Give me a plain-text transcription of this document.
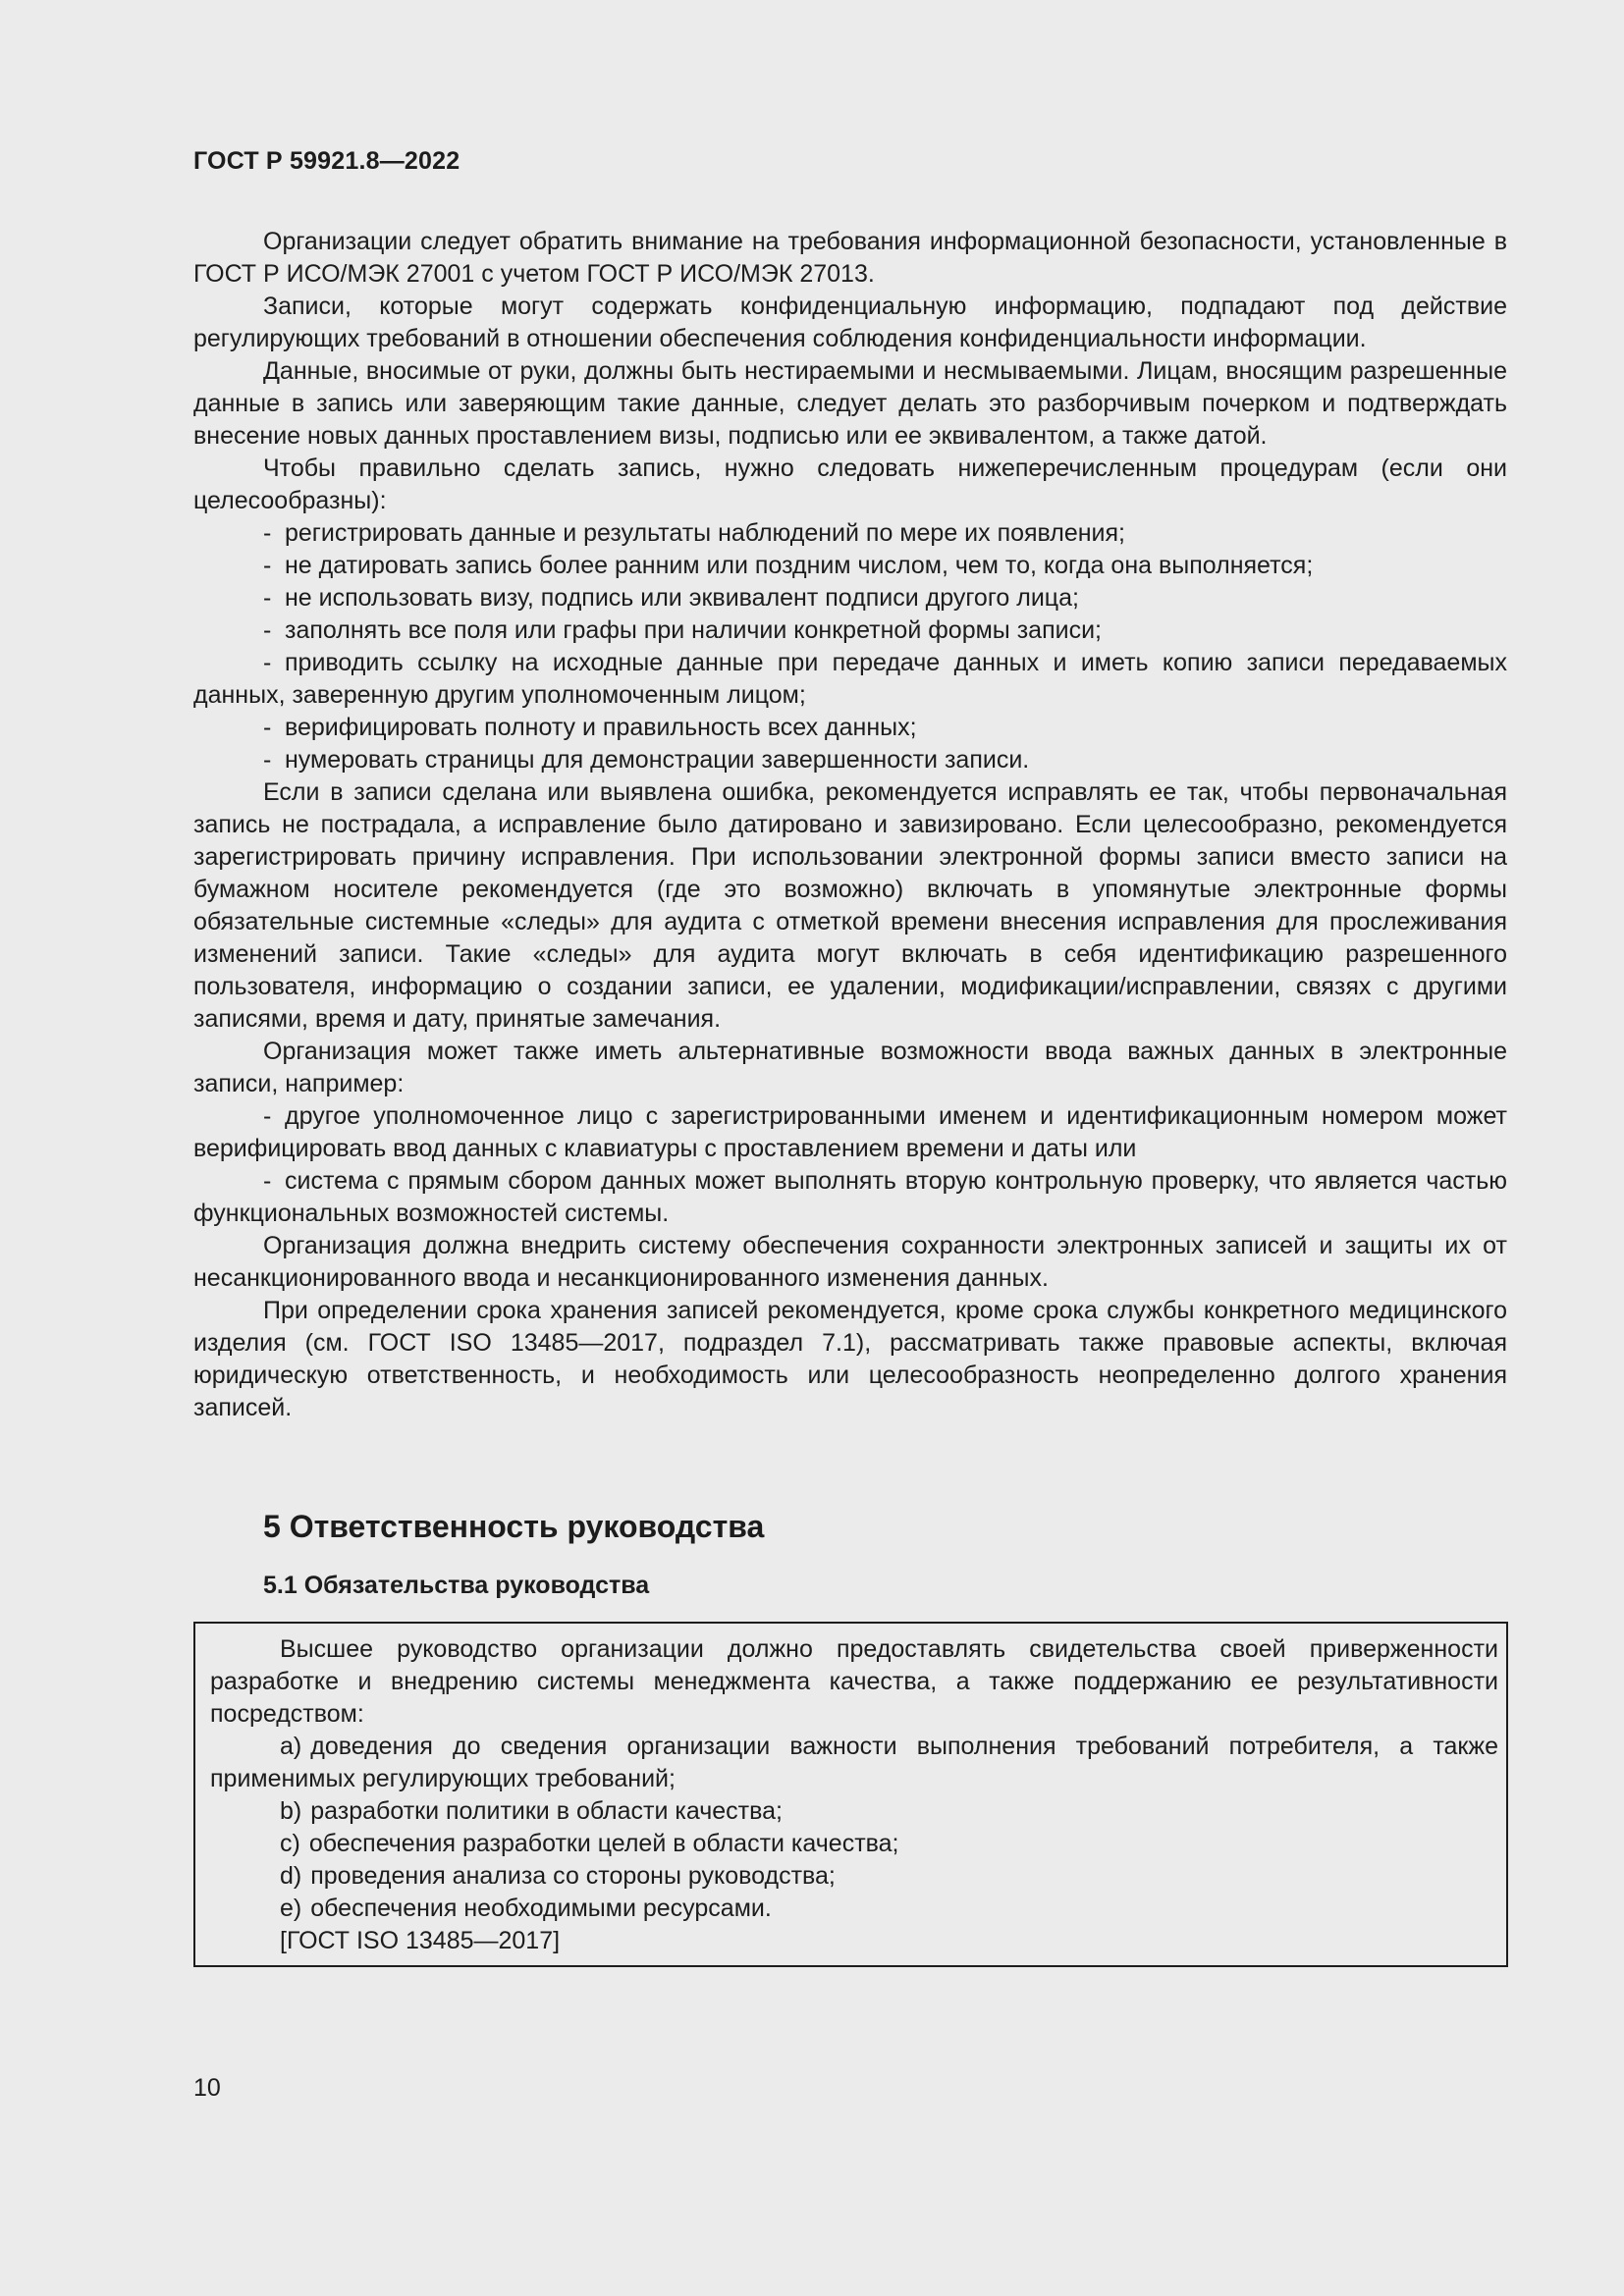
ГОСТ Р 59921.8—2022

Организации следует обратить внимание на требования информационной безопасности, установленные в ГОСТ Р ИСО/МЭК 27001 с учетом ГОСТ Р ИСО/МЭК 27013.

Записи, которые могут содержать конфиденциальную информацию, подпадают под действие регулирующих требований в отношении обеспечения соблюдения конфиденциальности информации.

Данные, вносимые от руки, должны быть нестираемыми и несмываемыми. Лицам, вносящим разрешенные данные в запись или заверяющим такие данные, следует делать это разборчивым почерком и подтверждать внесение новых данных проставлением визы, подписью или ее эквивалентом, а также датой.

Чтобы правильно сделать запись, нужно следовать нижеперечисленным процедурам (если они целесообразны):

- регистрировать данные и результаты наблюдений по мере их появления;

- не датировать запись более ранним или поздним числом, чем то, когда она выполняется;

- не использовать визу, подпись или эквивалент подписи другого лица;

- заполнять все поля или графы при наличии конкретной формы записи;

- приводить ссылку на исходные данные при передаче данных и иметь копию записи передаваемых данных, заверенную другим уполномоченным лицом;

- верифицировать полноту и правильность всех данных;

- нумеровать страницы для демонстрации завершенности записи.

Если в записи сделана или выявлена ошибка, рекомендуется исправлять ее так, чтобы первоначальная запись не пострадала, а исправление было датировано и завизировано. Если целесообразно, рекомендуется зарегистрировать причину исправления. При использовании электронной формы записи вместо записи на бумажном носителе рекомендуется (где это возможно) включать в упомянутые электронные формы обязательные системные «следы» для аудита с отметкой времени внесения исправления для прослеживания изменений записи. Такие «следы» для аудита могут включать в себя идентификацию разрешенного пользователя, информацию о создании записи, ее удалении, модификации/исправлении, связях с другими записями, время и дату, принятые замечания.

Организация может также иметь альтернативные возможности ввода важных данных в электронные записи, например:

- другое уполномоченное лицо с зарегистрированными именем и идентификационным номером может верифицировать ввод данных с клавиатуры с проставлением времени и даты или

- система с прямым сбором данных может выполнять вторую контрольную проверку, что является частью функциональных возможностей системы.

Организация должна внедрить систему обеспечения сохранности электронных записей и защиты их от несанкционированного ввода и несанкционированного изменения данных.

При определении срока хранения записей рекомендуется, кроме срока службы конкретного медицинского изделия (см. ГОСТ ISO 13485—2017, подраздел 7.1), рассматривать также правовые аспекты, включая юридическую ответственность, и необходимость или целесообразность неопределенно долгого хранения записей.

5 Ответственность руководства
5.1 Обязательства руководства

Высшее руководство организации должно предоставлять свидетельства своей приверженности разработке и внедрению системы менеджмента качества, а также поддержанию ее результативности посредством:

a) доведения до сведения организации важности выполнения требований потребителя, а также применимых регулирующих требований;

b) разработки политики в области качества;

c) обеспечения разработки целей в области качества;

d) проведения анализа со стороны руководства;

e) обеспечения необходимыми ресурсами.

[ГОСТ ISO 13485—2017]

10
